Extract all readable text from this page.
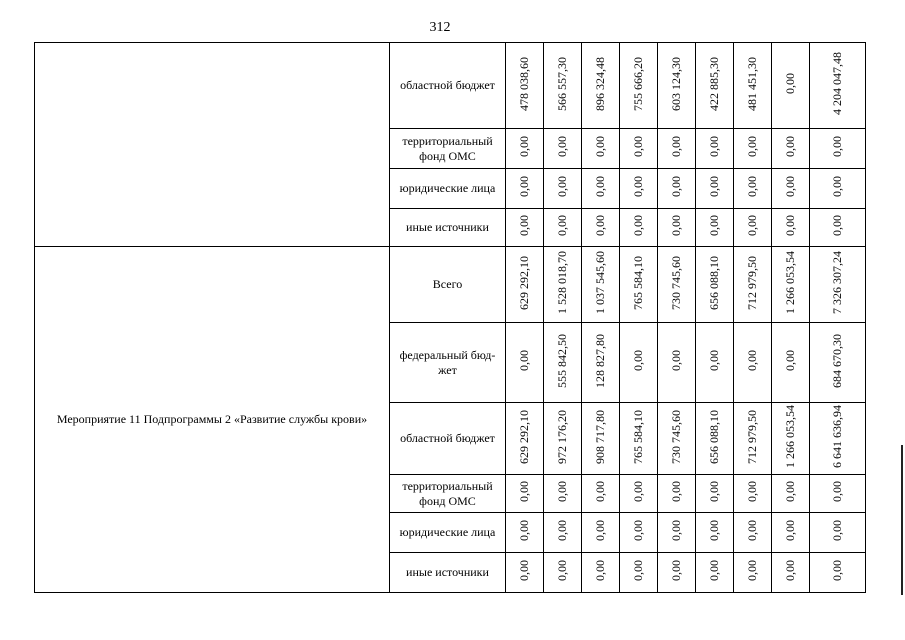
312
	областной бюджет	478 038,60	566 557,30	896 324,48	755 666,20	603 124,30	422 885,30	481 451,30	0,00	4 204 047,48
	территориальный фонд ОМС	0,00	0,00	0,00	0,00	0,00	0,00	0,00	0,00	0,00
	юридические лица	0,00	0,00	0,00	0,00	0,00	0,00	0,00	0,00	0,00
	иные источники	0,00	0,00	0,00	0,00	0,00	0,00	0,00	0,00	0,00
Мероприятие 11 Подпрограммы 2 «Развитие службы крови»	Всего	629 292,10	1 528 018,70	1 037 545,60	765 584,10	730 745,60	656 088,10	712 979,50	1 266 053,54	7 326 307,24
	федеральный бюд-жет	0,00	555 842,50	128 827,80	0,00	0,00	0,00	0,00	0,00	684 670,30
	областной бюджет	629 292,10	972 176,20	908 717,80	765 584,10	730 745,60	656 088,10	712 979,50	1 266 053,54	6 641 636,94
	территориальный фонд ОМС	0,00	0,00	0,00	0,00	0,00	0,00	0,00	0,00	0,00
	юридические лица	0,00	0,00	0,00	0,00	0,00	0,00	0,00	0,00	0,00
	иные источники	0,00	0,00	0,00	0,00	0,00	0,00	0,00	0,00	0,00
